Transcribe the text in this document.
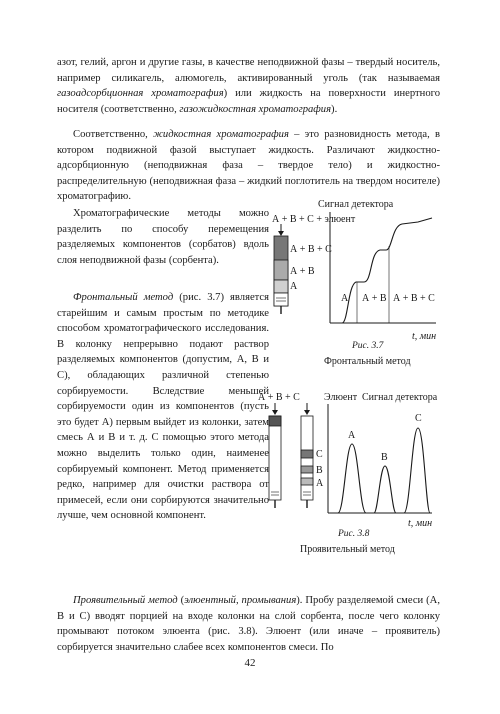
азот, гелий, аргон и другие газы, в качестве неподвижной фазы – твердый носитель, например силикагель, алюмогель, активированный уголь (так называемая газоадсорбционная хроматография) или жидкость на поверхности инертного носителя (соответственно, газожидкостная хроматография).

Соответственно, жидкостная хроматография – это разновидность метода, в котором подвижной фазой выступает жидкость. Различают жидкостно-адсорбционную (неподвижная фаза – твердое тело) и жидкостно-распределительную (неподвижная фаза – жидкий поглотитель на твердом носителе) хроматографию.

Хроматографические методы можно разделить по способу перемещения разделяемых компонентов (сорбатов) вдоль слоя неподвижной фазы (сорбента).

Фронтальный метод (рис. 3.7) является старейшим и самым простым по методике способом хроматографического исследования. В колонку непрерывно подают раствор разделяемых компонентов (допустим, А, В и С), обладающих различной степенью сорбируемости. Вследствие меньшей сорбируемости один из компонентов (пусть это будет А) первым выйдет из колонки, затем смесь А и В и т. д. С помощью этого метода можно выделить только один, наименее сорбируемый компонент. Метод применяется редко, например для очистки раствора от примесей, если они сорбируются значительно лучше, чем основной компонент.

Сигнал детектора
А + В + С + элюент
А + В + С
А + В
А
А А + В А + В + С
t, мин
Рис. 3.7
Фронтальный метод
А + В + С Элюент Сигнал детектора
С
В
А
А
В
С
t, мин
Рис. 3.8
Проявительный метод

Проявительный метод (элюентный, промывания). Пробу разделяемой смеси (А, В и С) вводят порцией на входе колонки на слой сорбента, после чего колонку промывают потоком элюента (рис. 3.8). Элюент (или иначе – проявитель) сорбируется значительно слабее всех компонентов смеси. По

42
